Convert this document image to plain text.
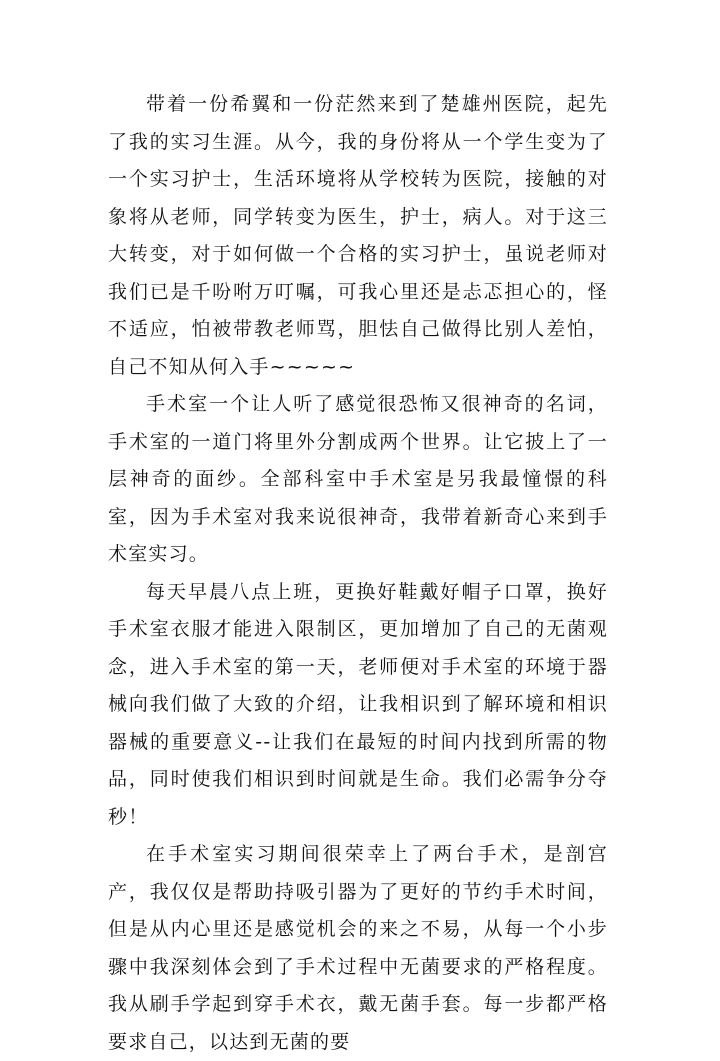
带着一份希翼和一份茫然来到了楚雄州医院，起先了我的实习生涯。从今，我的身份将从一个学生变为了一个实习护士，生活环境将从学校转为医院，接触的对象将从老师，同学转变为医生，护士，病人。对于这三大转变，对于如何做一个合格的实习护士，虽说老师对我们已是千吩咐万叮嘱，可我心里还是忐忑担心的，怪不适应，怕被带教老师骂，胆怯自己做得比别人差怕，自己不知从何入手~~~~~

手术室一个让人听了感觉很恐怖又很神奇的名词，手术室的一道门将里外分割成两个世界。让它披上了一层神奇的面纱。全部科室中手术室是另我最憧憬的科室，因为手术室对我来说很神奇，我带着新奇心来到手术室实习。

每天早晨八点上班，更换好鞋戴好帽子口罩，换好手术室衣服才能进入限制区，更加增加了自己的无菌观念，进入手术室的第一天，老师便对手术室的环境于器械向我们做了大致的介绍，让我相识到了解环境和相识器械的重要意义--让我们在最短的时间内找到所需的物品，同时使我们相识到时间就是生命。我们必需争分夺秒！

在手术室实习期间很荣幸上了两台手术，是剖宫产，我仅仅是帮助持吸引器为了更好的节约手术时间，但是从内心里还是感觉机会的来之不易，从每一个小步骤中我深刻体会到了手术过程中无菌要求的严格程度。我从刷手学起到穿手术衣，戴无菌手套。每一步都严格要求自己，以达到无菌的要
